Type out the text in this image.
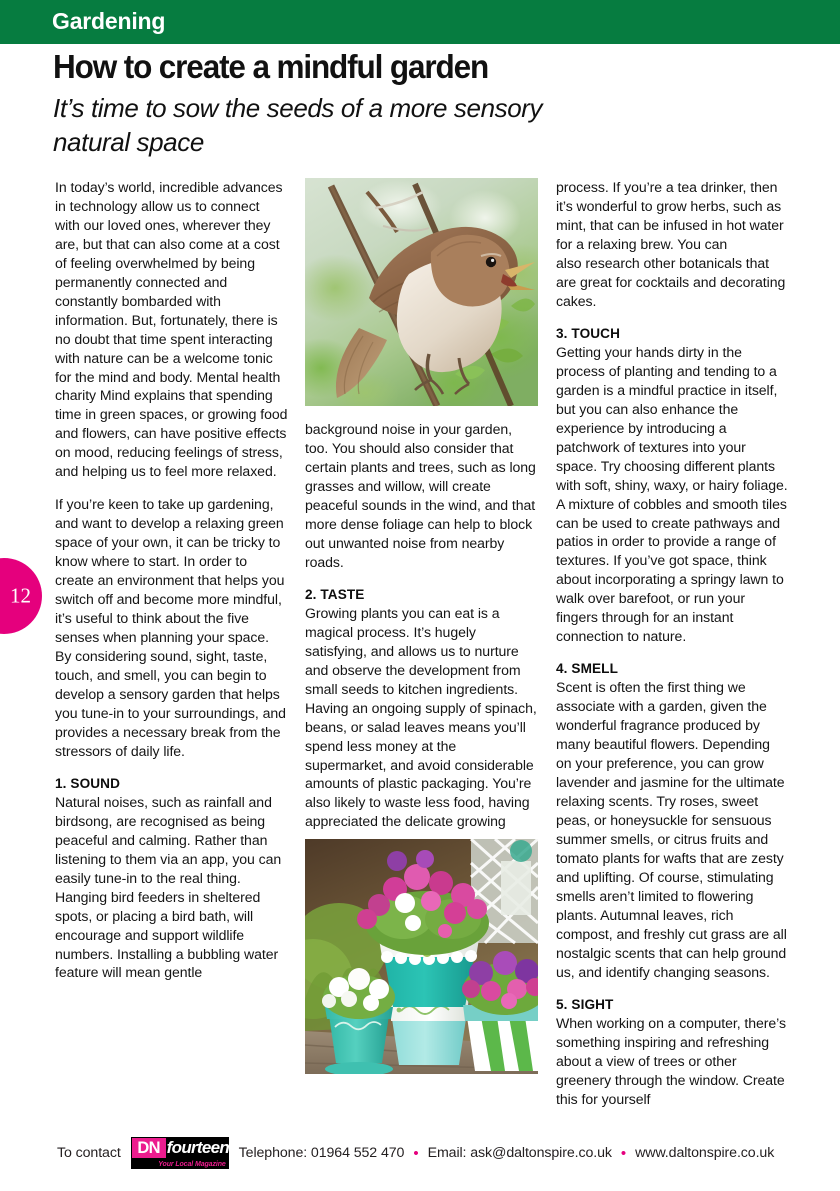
Gardening
How to create a mindful garden
It’s time to sow the seeds of a more sensory natural space
12

In today’s world, incredible advances in technology allow us to connect with our loved ones, wherever they are, but that can also come at a cost of feeling overwhelmed by being permanently connected and constantly bombarded with information. But, fortunately, there is no doubt that time spent interacting with nature can be a welcome tonic for the mind and body. Mental health charity Mind explains that spending time in green spaces, or growing food and flowers, can have positive effects on mood, reducing feelings of stress, and helping us to feel more relaxed.

If you’re keen to take up gardening, and want to develop a relaxing green space of your own, it can be tricky to know where to start. In order to create an environment that helps you switch off and become more mindful, it’s useful to think about the five senses when planning your space. By considering sound, sight, taste, touch, and smell, you can begin to develop a sensory garden that helps you tune-in to your surroundings, and provides a necessary break from the stressors of daily life.

1. SOUND

Natural noises, such as rainfall and birdsong, are recognised as being peaceful and calming. Rather than listening to them via an app, you can easily tune-in to the real thing. Hanging bird feeders in sheltered spots, or placing a bird bath, will encourage and support wildlife numbers. Installing a bubbling water feature will mean gentle

background noise in your garden, too. You should also consider that certain plants and trees, such as long grasses and willow, will create peaceful sounds in the wind, and that more dense foliage can help to block out unwanted noise from nearby roads.

2. TASTE

Growing plants you can eat is a magical process. It’s hugely satisfying, and allows us to nurture and observe the development from small seeds to kitchen ingredients. Having an ongoing supply of spinach, beans, or salad leaves means you’ll spend less money at the supermarket, and avoid considerable amounts of plastic packaging. You’re also likely to waste less food, having appreciated the delicate growing

process. If you’re a tea drinker, then it’s wonderful to grow herbs, such as mint, that can be infused in hot water for a relaxing brew. You can

also research other botanicals that are great for cocktails and decorating cakes.

3. TOUCH

Getting your hands dirty in the process of planting and tending to a garden is a mindful practice in itself, but you can also enhance the experience by introducing a patchwork of textures into your space. Try choosing different plants with soft, shiny, waxy, or hairy foliage. A mixture of cobbles and smooth tiles can be used to create pathways and patios in order to provide a range of textures. If you’ve got space, think about incorporating a springy lawn to walk over barefoot, or run your fingers through for an instant connection to nature.

4. SMELL

Scent is often the first thing we associate with a garden, given the wonderful fragrance produced by many beautiful flowers. Depending on your preference, you can grow lavender and jasmine for the ultimate relaxing scents. Try roses, sweet peas, or honeysuckle for sensuous summer smells, or citrus fruits and tomato plants for wafts that are zesty and uplifting. Of course, stimulating smells aren’t limited to flowering plants. Autumnal leaves, rich compost, and freshly cut grass are all nostalgic scents that can help ground us, and identify changing seasons.

5. SIGHT

When working on a computer, there’s something inspiring and refreshing about a view of trees or other greenery through the window. Create this for yourself

To contact	DN fourteen
Your Local Magazine
Telephone: 01964 552 470 • Email: ask@daltonspire.co.uk • www.daltonspire.co.uk
